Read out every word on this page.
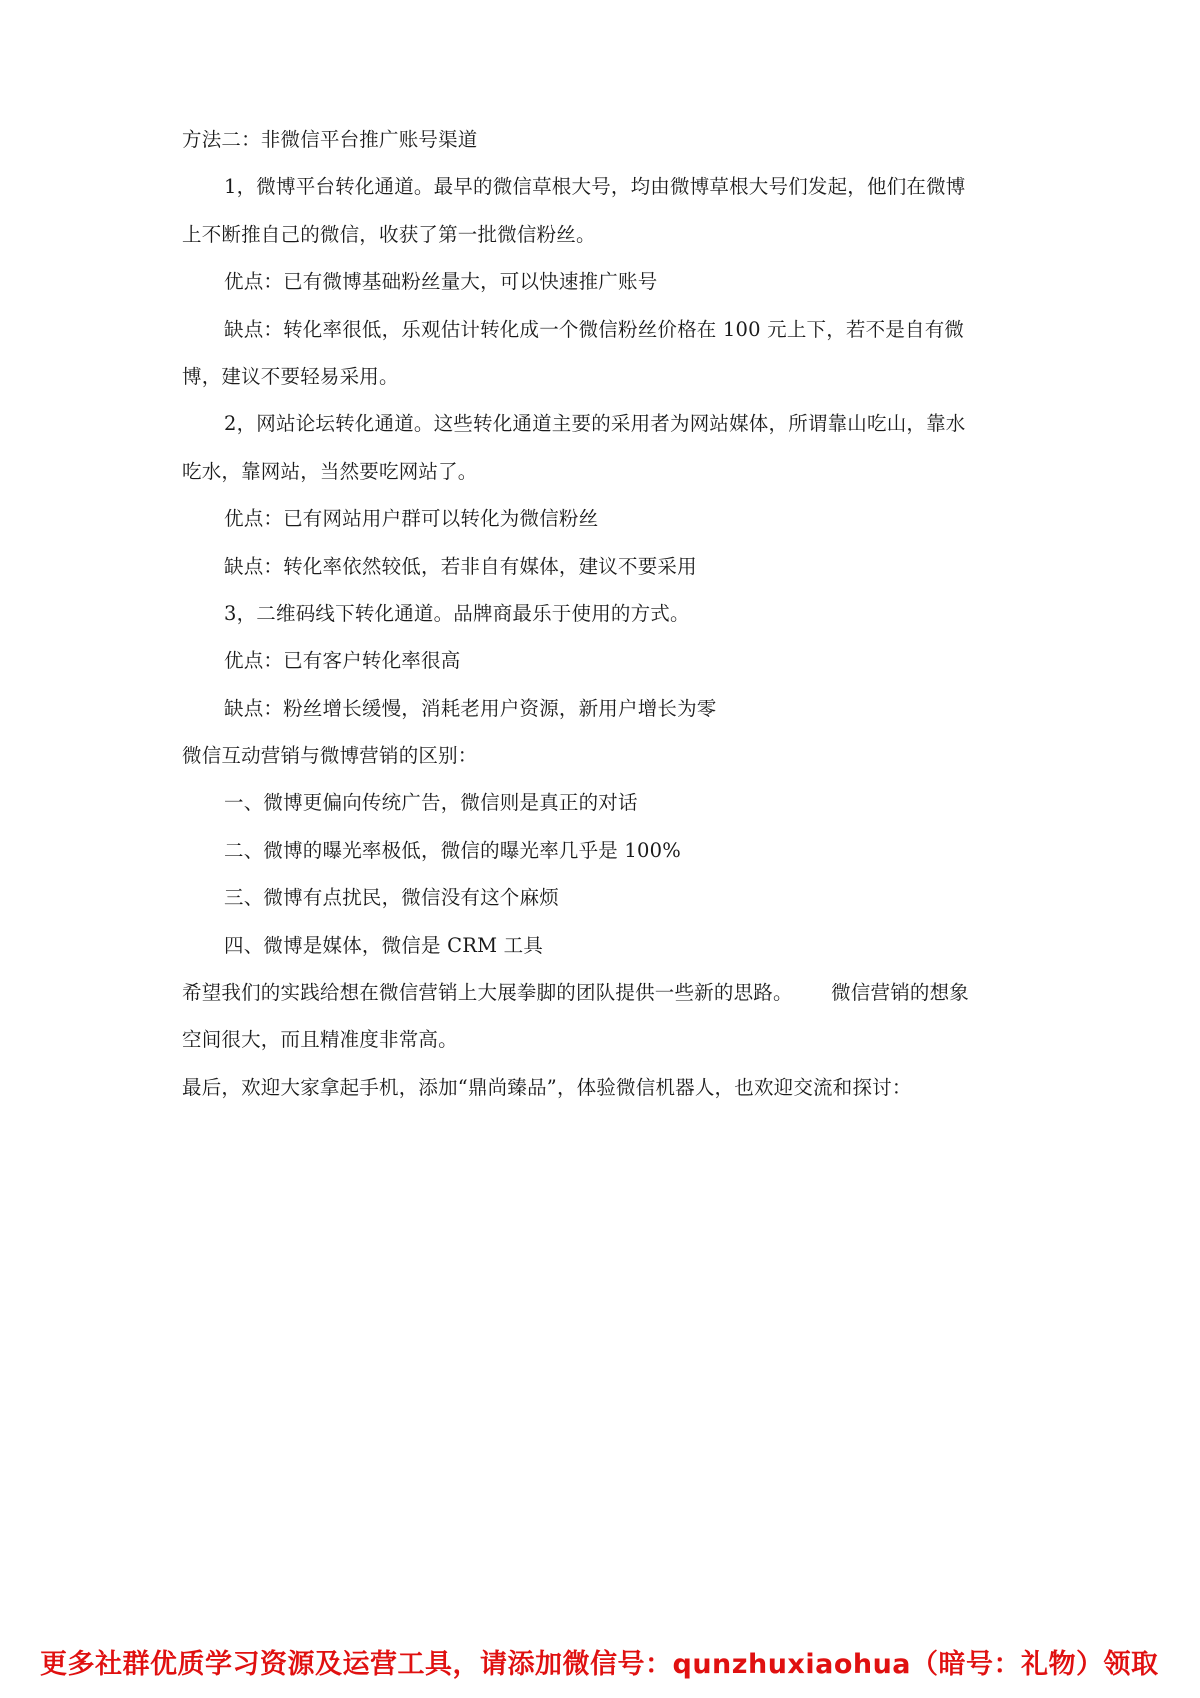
方法二：非微信平台推广账号渠道
1，微博平台转化通道。最早的微信草根大号，均由微博草根大号们发起，他们在微博
上不断推自己的微信，收获了第一批微信粉丝。
优点：已有微博基础粉丝量大，可以快速推广账号
缺点：转化率很低，乐观估计转化成一个微信粉丝价格在 100 元上下，若不是自有微
博，建议不要轻易采用。
2，网站论坛转化通道。这些转化通道主要的采用者为网站媒体，所谓靠山吃山，靠水
吃水，靠网站，当然要吃网站了。
优点：已有网站用户群可以转化为微信粉丝
缺点：转化率依然较低，若非自有媒体，建议不要采用
3，二维码线下转化通道。品牌商最乐于使用的方式。
优点：已有客户转化率很高
缺点：粉丝增长缓慢，消耗老用户资源，新用户增长为零
微信互动营销与微博营销的区别：
一、微博更偏向传统广告，微信则是真正的对话
二、微博的曝光率极低，微信的曝光率几乎是 100%
三、微博有点扰民，微信没有这个麻烦
四、微博是媒体，微信是 CRM 工具
希望我们的实践给想在微信营销上大展拳脚的团队提供一些新的思路。      微信营销的想象
空间很大，而且精准度非常高。
最后，欢迎大家拿起手机，添加“鼎尚臻品”，体验微信机器人，也欢迎交流和探讨：
更多社群优质学习资源及运营工具，请添加微信号：qunzhuxiaohua（暗号：礼物）领取
